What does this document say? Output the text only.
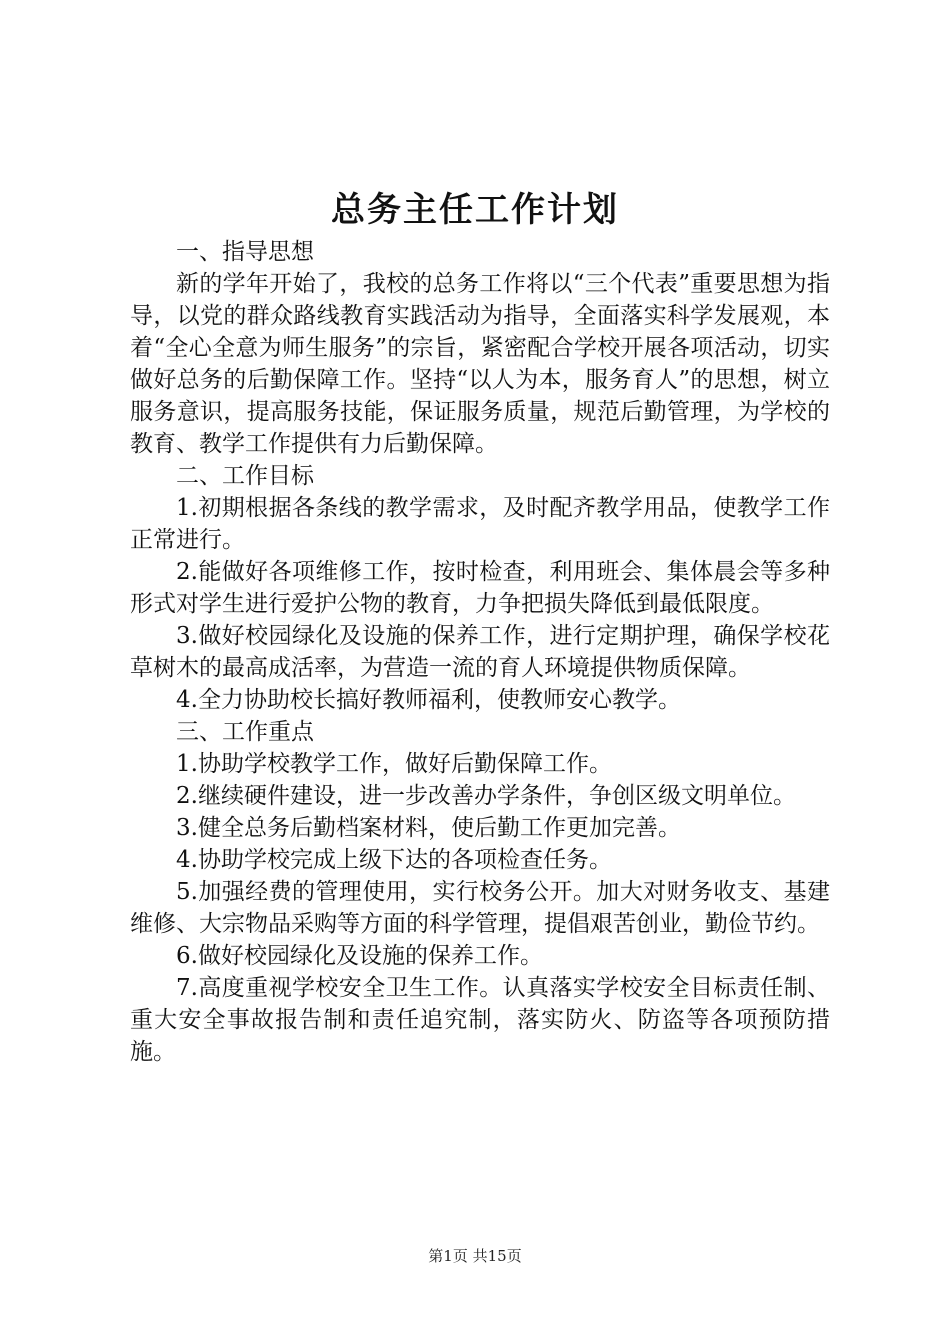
总务主任工作计划

一、指导思想

新的学年开始了，我校的总务工作将以“三个代表”重要思想为指导，以党的群众路线教育实践活动为指导，全面落实科学发展观，本着“全心全意为师生服务”的宗旨，紧密配合学校开展各项活动，切实做好总务的后勤保障工作。坚持“以人为本，服务育人”的思想，树立服务意识，提高服务技能，保证服务质量，规范后勤管理，为学校的教育、教学工作提供有力后勤保障。

二、工作目标

1.初期根据各条线的教学需求，及时配齐教学用品，使教学工作正常进行。

2.能做好各项维修工作，按时检查，利用班会、集体晨会等多种形式对学生进行爱护公物的教育，力争把损失降低到最低限度。

3.做好校园绿化及设施的保养工作，进行定期护理，确保学校花草树木的最高成活率，为营造一流的育人环境提供物质保障。

4.全力协助校长搞好教师福利，使教师安心教学。

三、工作重点

1.协助学校教学工作，做好后勤保障工作。

2.继续硬件建设，进一步改善办学条件，争创区级文明单位。

3.健全总务后勤档案材料，使后勤工作更加完善。

4.协助学校完成上级下达的各项检查任务。

5.加强经费的管理使用，实行校务公开。加大对财务收支、基建维修、大宗物品采购等方面的科学管理，提倡艰苦创业，勤俭节约。

6.做好校园绿化及设施的保养工作。

7.高度重视学校安全卫生工作。认真落实学校安全目标责任制、重大安全事故报告制和责任追究制，落实防火、防盗等各项预防措施。

第1页 共15页
